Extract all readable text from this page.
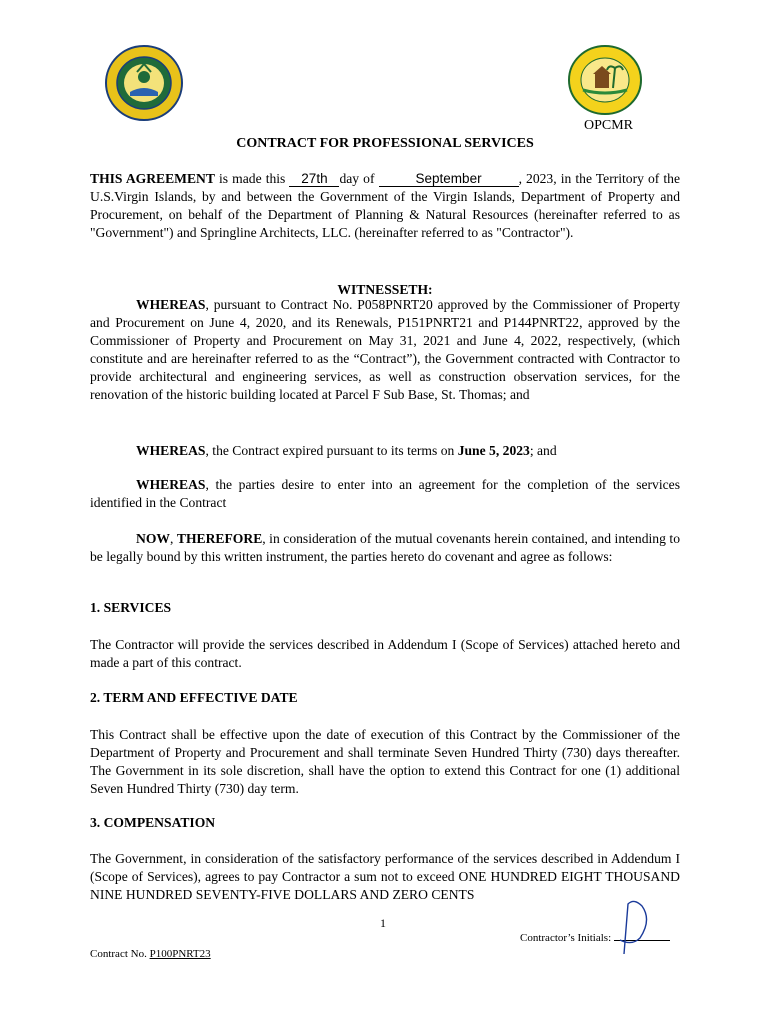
OPCMR
CONTRACT FOR PROFESSIONAL SERVICES

THIS AGREEMENT is made this 27th day of	September	, 2023, in the Territory of the U.S.Virgin Islands, by and between the Government of the Virgin Islands, Department of Property and Procurement, on behalf of the Department of Planning & Natural Resources (hereinafter referred to as "Government") and Springline Architects, LLC. (hereinafter referred to as "Contractor").

WITNESSETH:

WHEREAS, pursuant to Contract No. P058PNRT20 approved by the Commissioner of Property and Procurement on June 4, 2020, and its Renewals, P151PNRT21 and P144PNRT22, approved by the Commissioner of Property and Procurement on May 31, 2021 and June 4, 2022, respectively, (which constitute and are hereinafter referred to as the “Contract”), the Government contracted with Contractor to provide architectural and engineering services, as well as construction observation services, for the renovation of the historic building located at Parcel F Sub Base, St. Thomas; and

WHEREAS, the Contract expired pursuant to its terms on June 5, 2023; and

WHEREAS, the parties desire to enter into an agreement for the completion of the services identified in the Contract

NOW, THEREFORE, in consideration of the mutual covenants herein contained, and intending to be legally bound by this written instrument, the parties hereto do covenant and agree as follows:

1. SERVICES

The Contractor will provide the services described in Addendum I (Scope of Services) attached hereto and made a part of this contract.

2. TERM AND EFFECTIVE DATE

This Contract shall be effective upon the date of execution of this Contract by the Commissioner of the Department of Property and Procurement and shall terminate Seven Hundred Thirty (730) days thereafter. The Government in its sole discretion, shall have the option to extend this Contract for one (1) additional Seven Hundred Thirty (730) day term.

3. COMPENSATION

The Government, in consideration of the satisfactory performance of the services described in Addendum I (Scope of Services), agrees to pay Contractor a sum not to exceed ONE HUNDRED EIGHT THOUSAND NINE HUNDRED SEVENTY-FIVE DOLLARS AND ZERO CENTS

1
Contractor’s Initials:
Contract No. P100PNRT23
